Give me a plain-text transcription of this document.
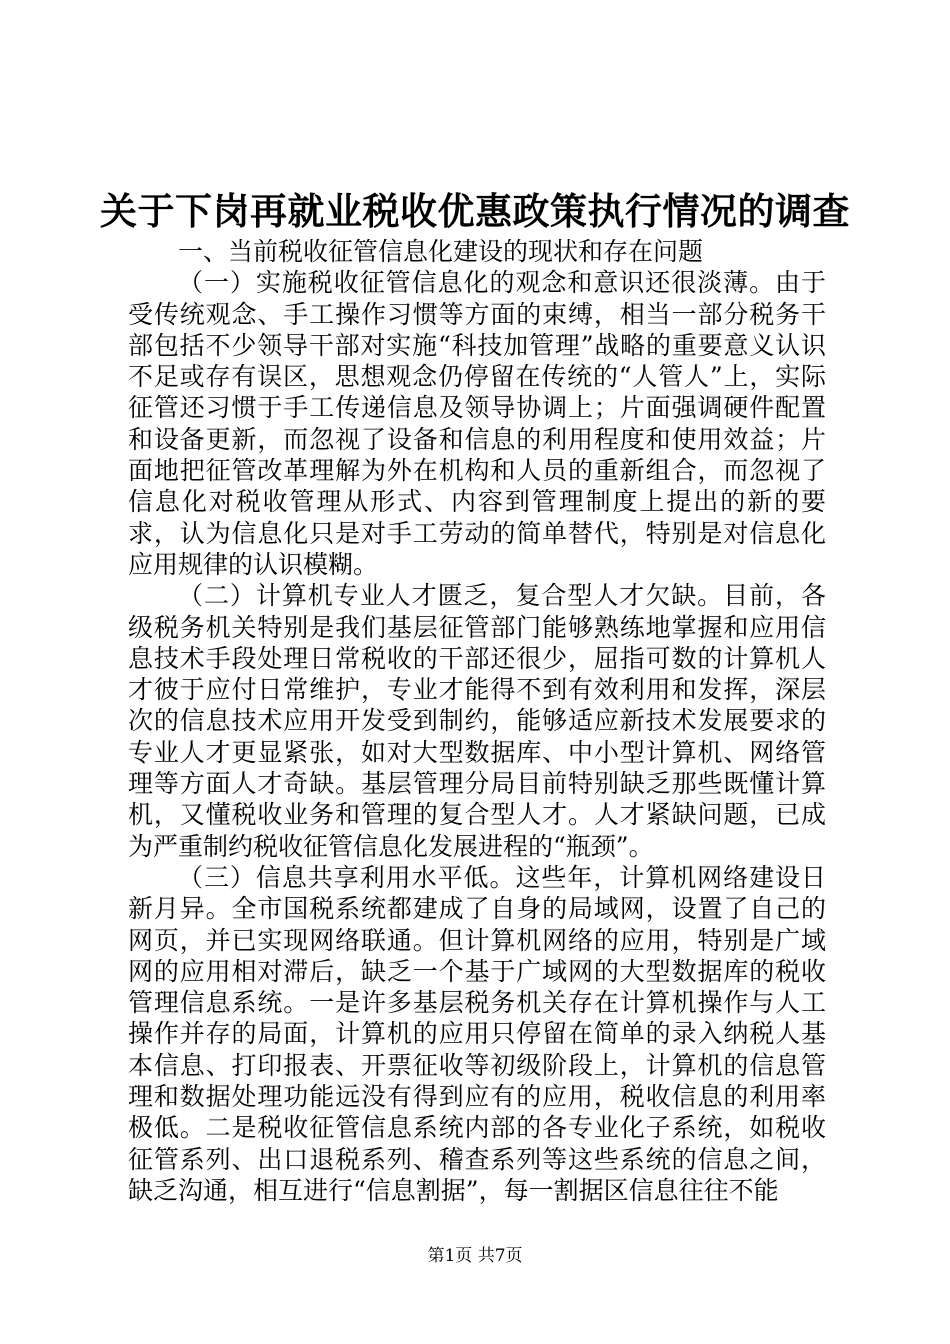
关于下岗再就业税收优惠政策执行情况的调查

一、当前税收征管信息化建设的现状和存在问题

（一）实施税收征管信息化的观念和意识还很淡薄。由于受传统观念、手工操作习惯等方面的束缚，相当一部分税务干部包括不少领导干部对实施“科技加管理”战略的重要意义认识不足或存有误区，思想观念仍停留在传统的“人管人”上，实际征管还习惯于手工传递信息及领导协调上；片面强调硬件配置和设备更新，而忽视了设备和信息的利用程度和使用效益；片面地把征管改革理解为外在机构和人员的重新组合，而忽视了信息化对税收管理从形式、内容到管理制度上提出的新的要求，认为信息化只是对手工劳动的简单替代，特别是对信息化应用规律的认识模糊。

（二）计算机专业人才匮乏，复合型人才欠缺。目前，各级税务机关特别是我们基层征管部门能够熟练地掌握和应用信息技术手段处理日常税收的干部还很少，屈指可数的计算机人才彼于应付日常维护，专业才能得不到有效利用和发挥，深层次的信息技术应用开发受到制约，能够适应新技术发展要求的专业人才更显紧张，如对大型数据库、中小型计算机、网络管理等方面人才奇缺。基层管理分局目前特别缺乏那些既懂计算机，又懂税收业务和管理的复合型人才。人才紧缺问题，已成为严重制约税收征管信息化发展进程的“瓶颈”。

（三）信息共享利用水平低。这些年，计算机网络建设日新月异。全市国税系统都建成了自身的局域网，设置了自己的网页，并已实现网络联通。但计算机网络的应用，特别是广域网的应用相对滞后，缺乏一个基于广域网的大型数据库的税收管理信息系统。一是许多基层税务机关存在计算机操作与人工操作并存的局面，计算机的应用只停留在简单的录入纳税人基本信息、打印报表、开票征收等初级阶段上，计算机的信息管理和数据处理功能远没有得到应有的应用，税收信息的利用率极低。二是税收征管信息系统内部的各专业化子系统，如税收征管系列、出口退税系列、稽查系列等这些系统的信息之间，缺乏沟通，相互进行“信息割据”，每一割据区信息往往不能

第1页 共7页
